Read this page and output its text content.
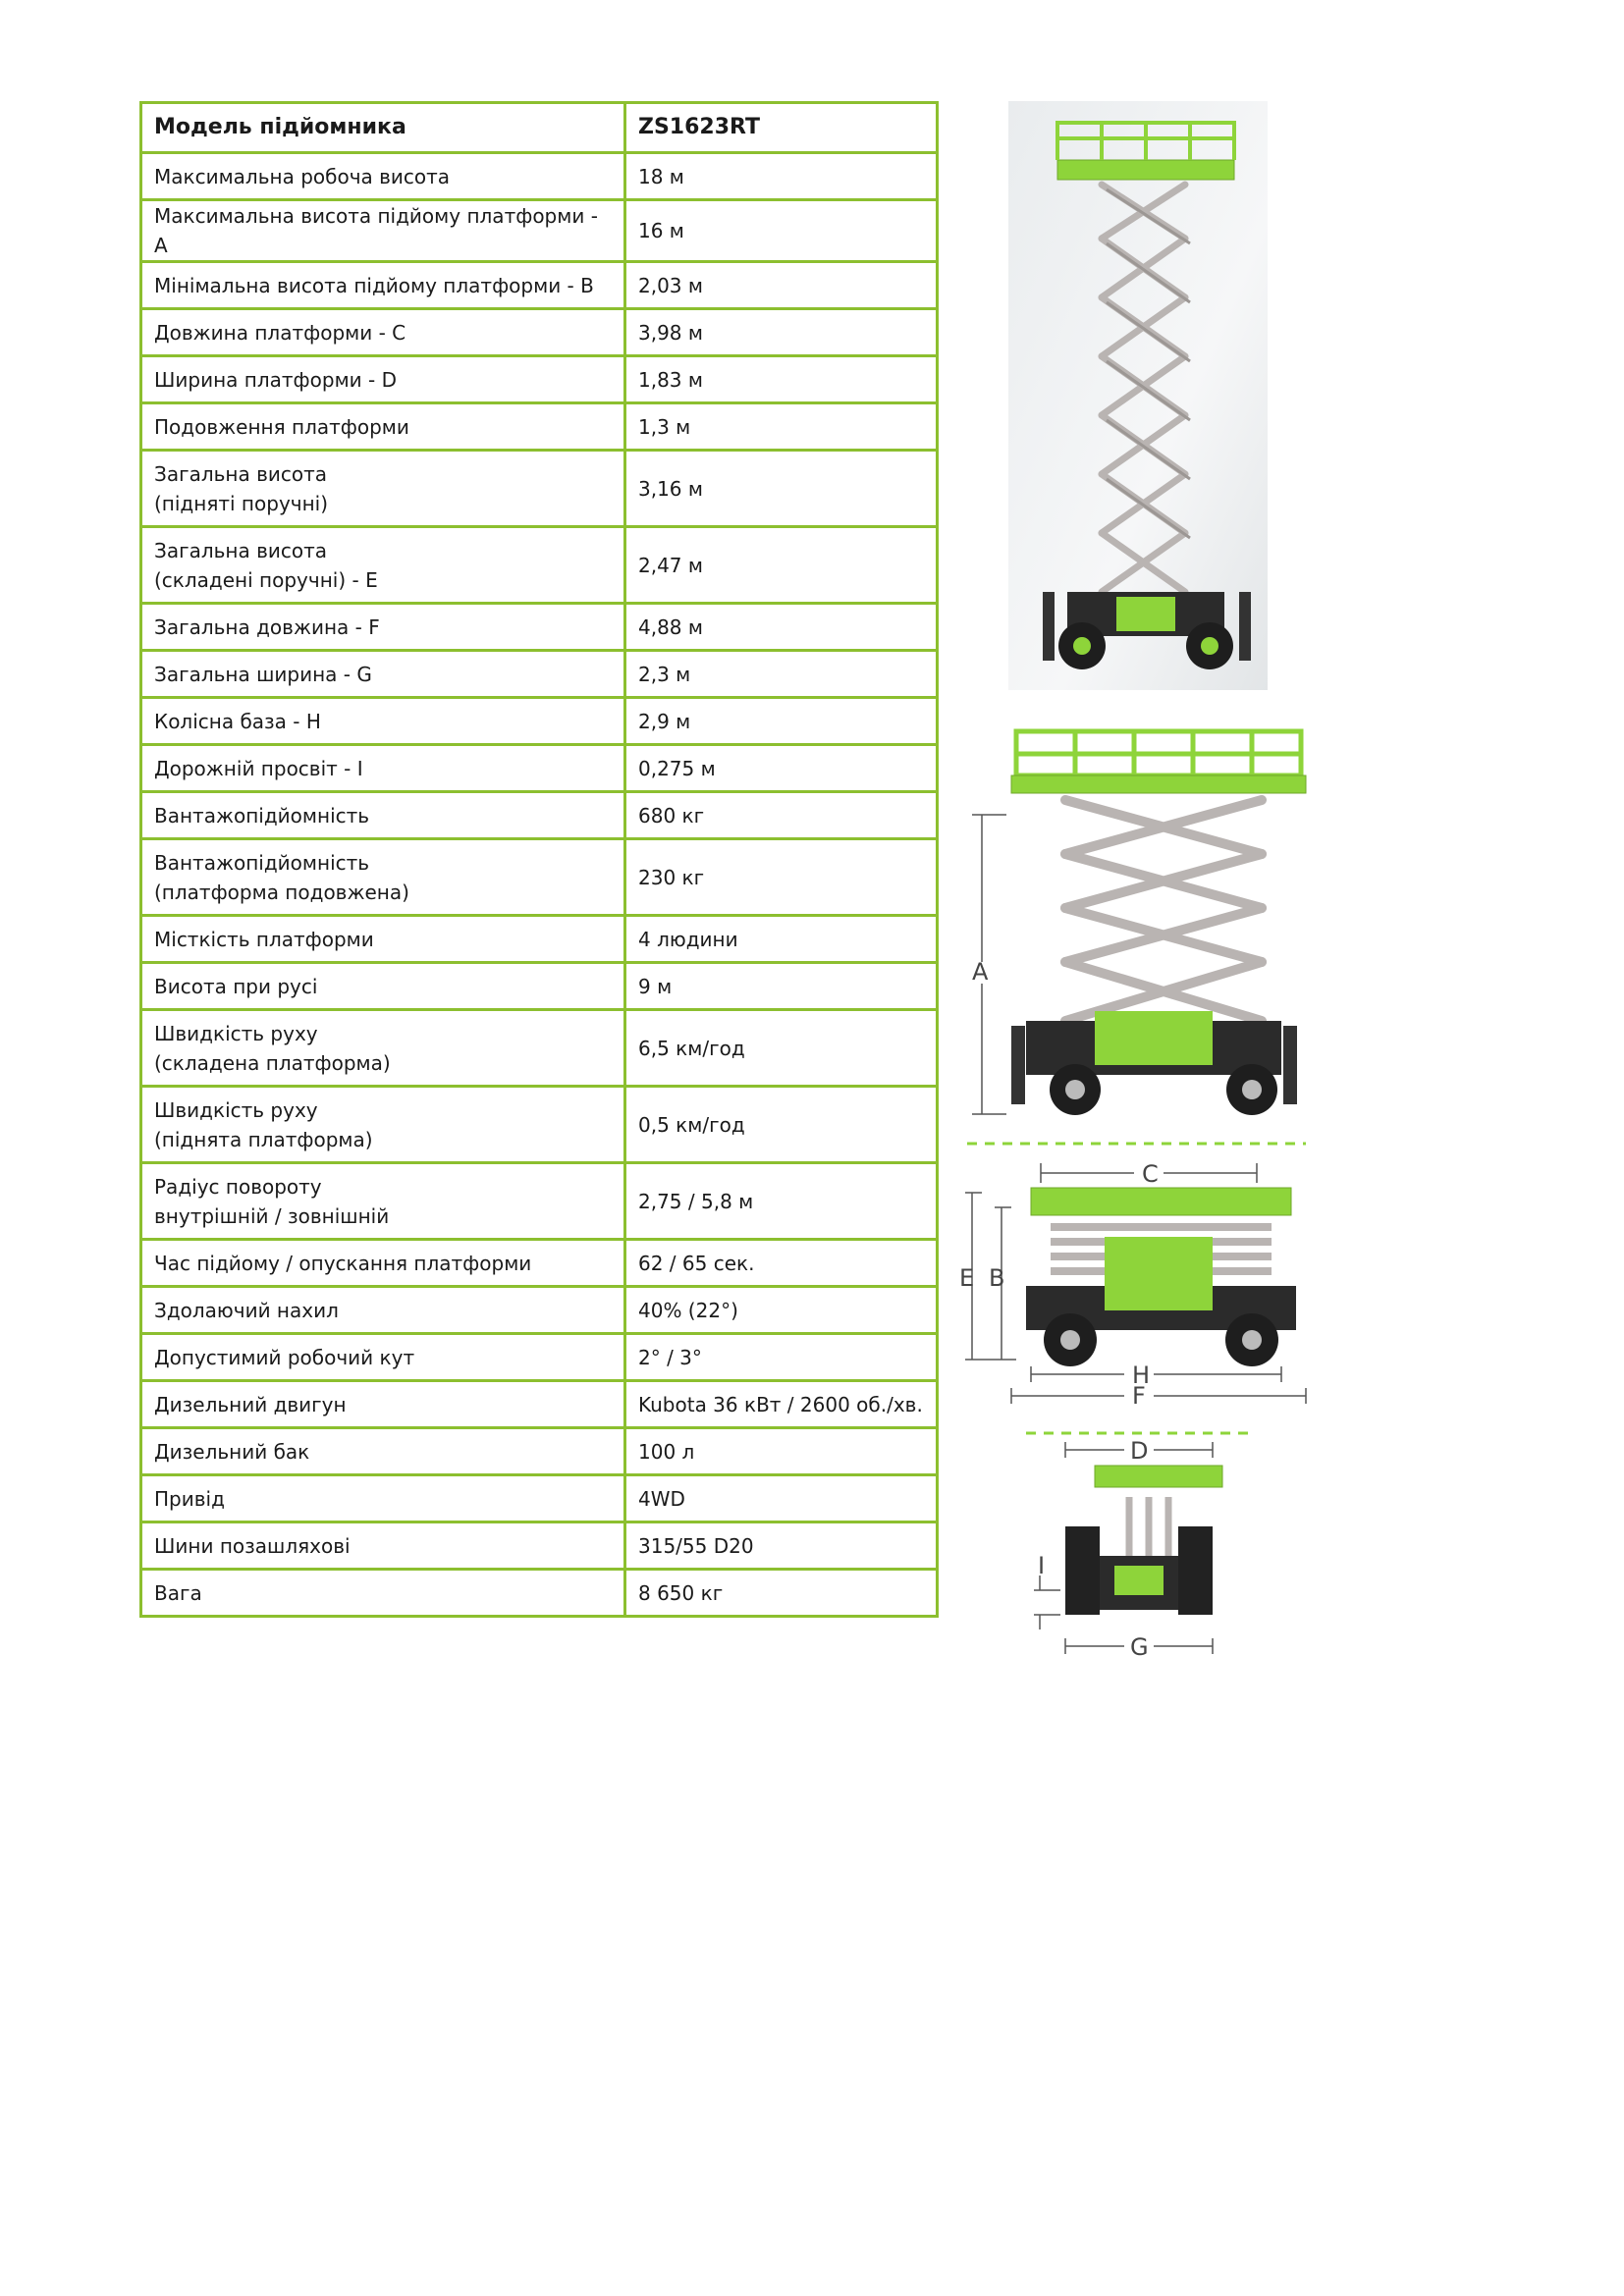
Модель підйомника	ZS1623RT

Максимальна робоча висота	18 м

Максимальна висота підйому платформи - A	16 м

Мінімальна висота підйому платформи - B	2,03 м

Довжина платформи - C	3,98 м

Ширина платформи - D	1,83 м

Подовження платформи	1,3 м

Загальна висота
(підняті поручні)	3,16 м

Загальна висота
(складені поручні) - E	2,47 м

Загальна довжина - F	4,88 м

Загальна ширина - G	2,3 м

Колісна база - H	2,9 м

Дорожній просвіт - I	0,275 м

Вантажопідйомність	680 кг

Вантажопідйомність
(платформа подовжена)	230 кг

Місткість платформи	4 людини

Висота при русі	9 м

Швидкість руху
(складена платформа)	6,5 км/год

Швидкість руху
(піднята платформа)	0,5 км/год

Радіус повороту
внутрішній / зовнішній	2,75 / 5,8 м

Час підйому / опускання платформи	62 / 65 сек.

Здолаючий нахил	40% (22°)

Допустимий робочий кут	2° / 3°

Дизельний двигун	Kubota 36 кВт / 2600 об./хв.

Дизельний бак	100 л

Привід	4WD

Шини позашляхові	315/55 D20

Вага	8 650 кг
A
C
E B
H
F
D
G
I
